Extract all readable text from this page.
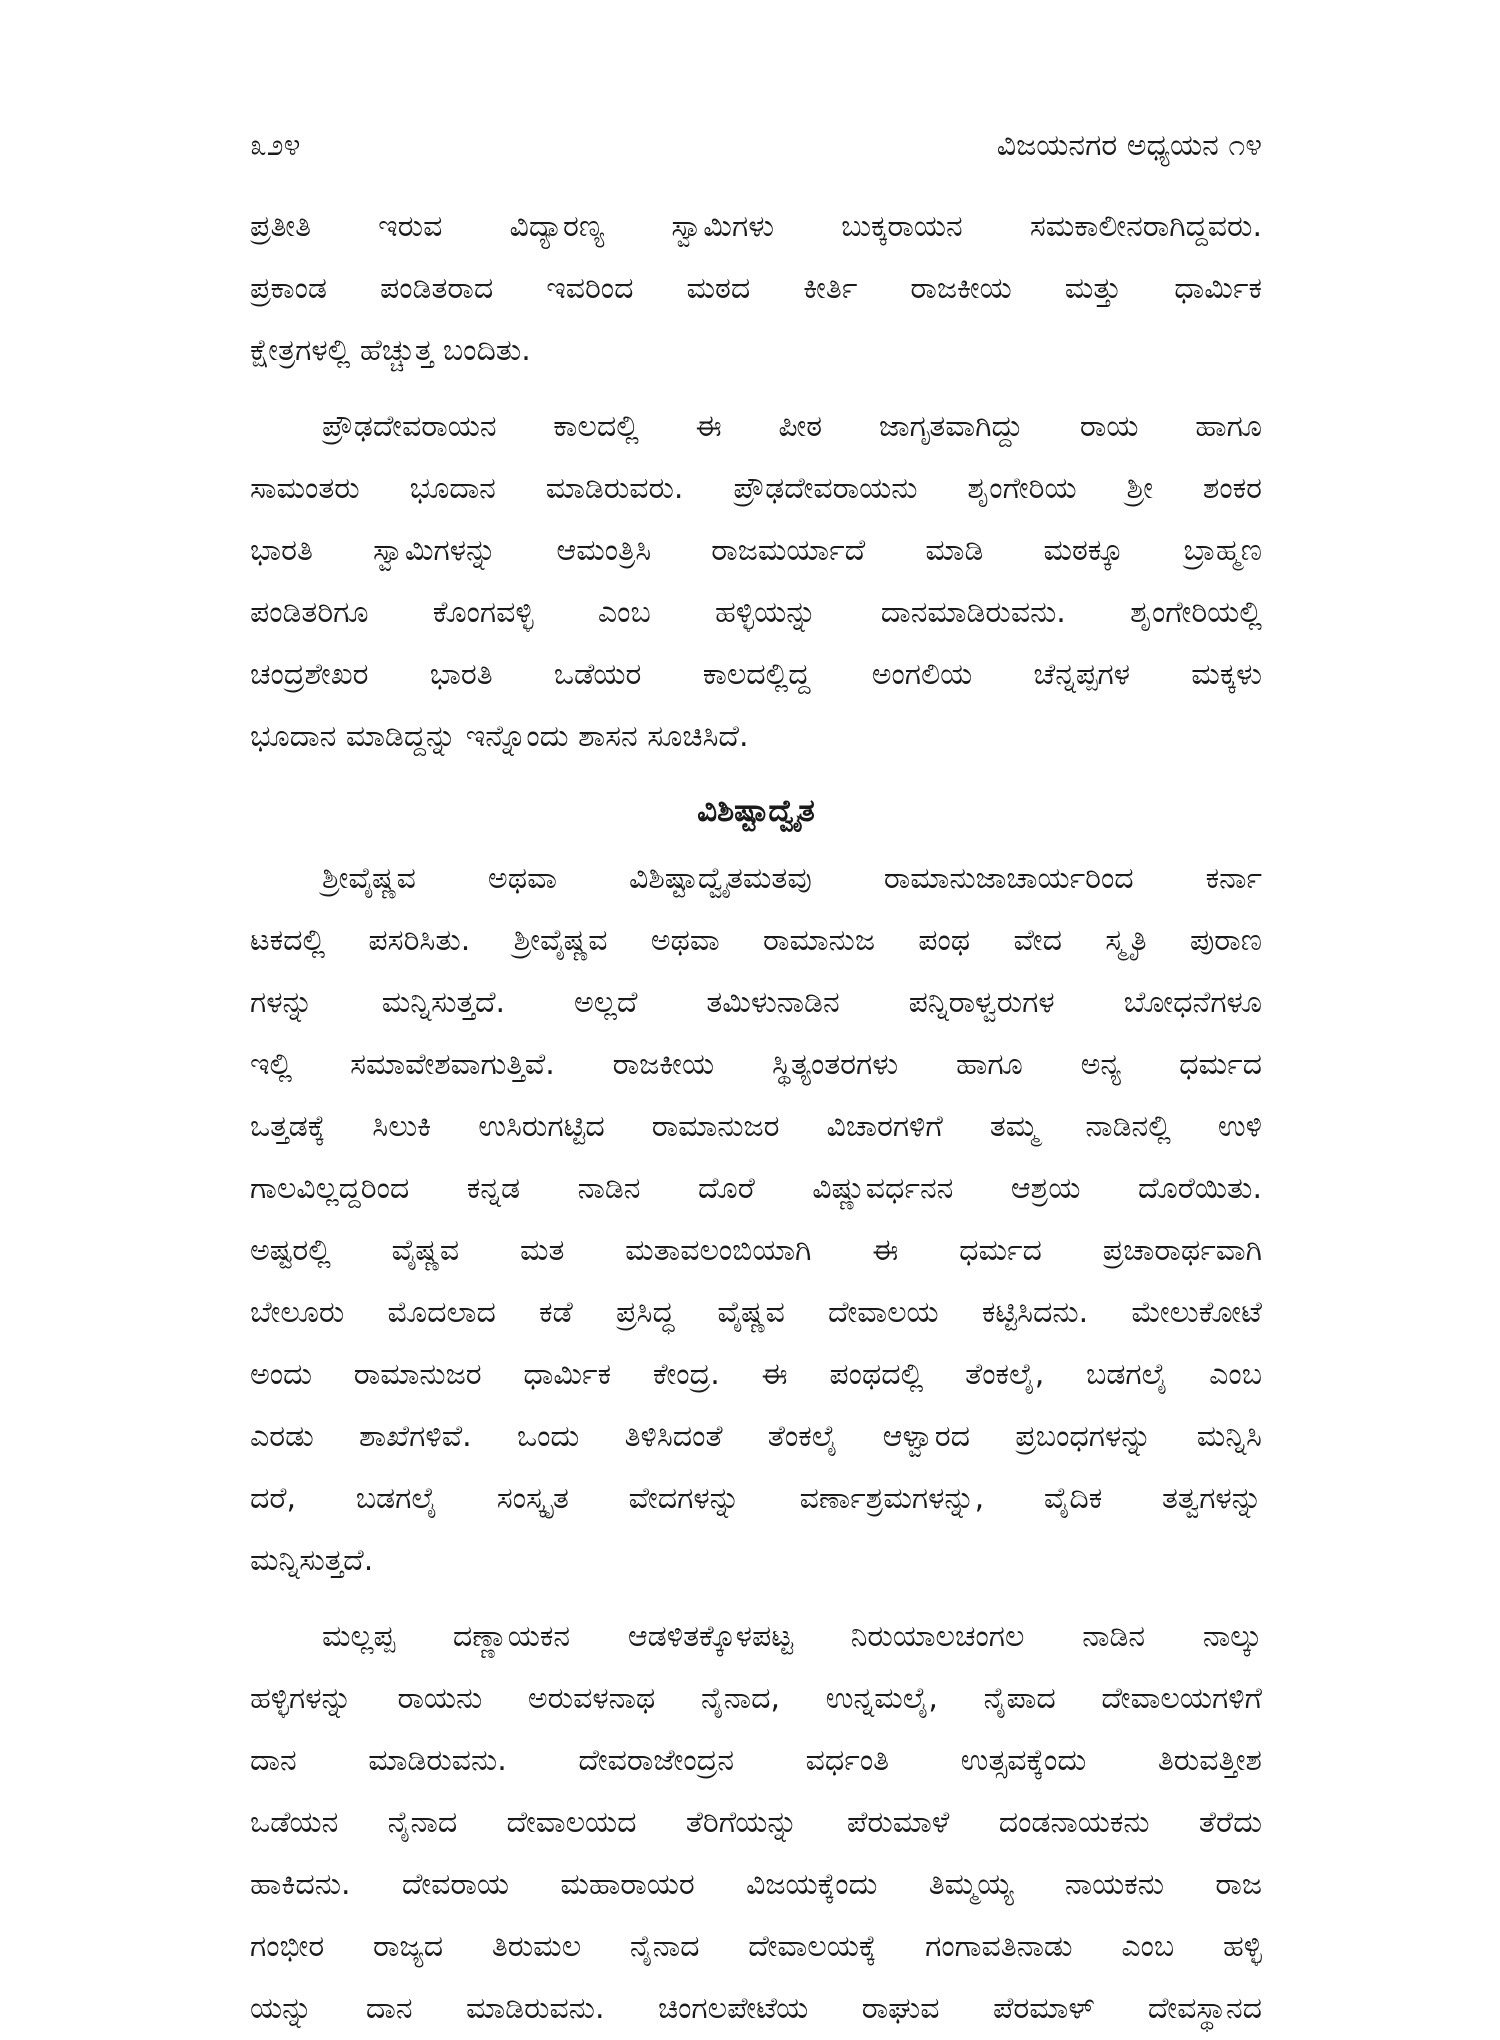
೩೨೪	ವಿಜಯನಗರ ಅಧ್ಯಯನ ೧೪
ಪ್ರತೀತಿ ಇರುವ ವಿದ್ಯಾರಣ್ಯ ಸ್ವಾಮಿಗಳು ಬುಕ್ಕರಾಯನ ಸಮಕಾಲೀನರಾಗಿದ್ದವರು.
ಪ್ರಕಾಂಡ ಪಂಡಿತರಾದ ಇವರಿಂದ ಮಠದ ಕೀರ್ತಿ ರಾಜಕೀಯ ಮತ್ತು ಧಾರ್ಮಿಕ
ಕ್ಷೇತ್ರಗಳಲ್ಲಿ ಹೆಚ್ಚುತ್ತ ಬಂದಿತು.
ಪ್ರೌಢದೇವರಾಯನ ಕಾಲದಲ್ಲಿ ಈ ಪೀಠ ಜಾಗೃತವಾಗಿದ್ದು ರಾಯ ಹಾಗೂ
ಸಾಮಂತರು ಭೂದಾನ ಮಾಡಿರುವರು. ಪ್ರೌಢದೇವರಾಯನು ಶೃಂಗೇರಿಯ ಶ್ರೀ ಶಂಕರ
ಭಾರತಿ ಸ್ವಾಮಿಗಳನ್ನು ಆಮಂತ್ರಿಸಿ ರಾಜಮರ್ಯಾದೆ ಮಾಡಿ ಮಠಕ್ಕೂ ಬ್ರಾಹ್ಮಣ
ಪಂಡಿತರಿಗೂ ಕೊಂಗವಳ್ಳಿ ಎಂಬ ಹಳ್ಳಿಯನ್ನು ದಾನಮಾಡಿರುವನು. ಶೃಂಗೇರಿಯಲ್ಲಿ
ಚಂದ್ರಶೇಖರ ಭಾರತಿ ಒಡೆಯರ ಕಾಲದಲ್ಲಿದ್ದ ಅಂಗಲಿಯ ಚೆನ್ನಪ್ಪಗಳ ಮಕ್ಕಳು
ಭೂದಾನ ಮಾಡಿದ್ದನ್ನು ಇನ್ನೊಂದು ಶಾಸನ ಸೂಚಿಸಿದೆ.
ವಿಶಿಷ್ಟಾದ್ವೈತ
ಶ್ರೀವೈಷ್ಣವ ಅಥವಾ ವಿಶಿಷ್ಟಾದ್ವೈತಮತವು ರಾಮಾನುಜಾಚಾರ್ಯರಿಂದ ಕರ್ನಾ
ಟಕದಲ್ಲಿ ಪಸರಿಸಿತು. ಶ್ರೀವೈಷ್ಣವ ಅಥವಾ ರಾಮಾನುಜ ಪಂಥ ವೇದ ಸ್ಮೃತಿ ಪುರಾಣ
ಗಳನ್ನು ಮನ್ನಿಸುತ್ತದೆ. ಅಲ್ಲದೆ ತಮಿಳುನಾಡಿನ ಪನ್ನಿರಾಳ್ವರುಗಳ ಬೋಧನೆಗಳೂ
ಇಲ್ಲಿ ಸಮಾವೇಶವಾಗುತ್ತಿವೆ. ರಾಜಕೀಯ ಸ್ಥಿತ್ಯಂತರಗಳು ಹಾಗೂ ಅನ್ಯ ಧರ್ಮದ
ಒತ್ತಡಕ್ಕೆ ಸಿಲುಕಿ ಉಸಿರುಗಟ್ಟಿದ ರಾಮಾನುಜರ ವಿಚಾರಗಳಿಗೆ ತಮ್ಮ ನಾಡಿನಲ್ಲಿ ಉಳಿ
ಗಾಲವಿಲ್ಲದ್ದರಿಂದ ಕನ್ನಡ ನಾಡಿನ ದೊರೆ ವಿಷ್ಣುವರ್ಧನನ ಆಶ್ರಯ ದೊರೆಯಿತು.
ಅಷ್ಟರಲ್ಲಿ ವೈಷ್ಣವ ಮತ ಮತಾವಲಂಬಿಯಾಗಿ ಈ ಧರ್ಮದ ಪ್ರಚಾರಾರ್ಥವಾಗಿ
ಬೇಲೂರು ಮೊದಲಾದ ಕಡೆ ಪ್ರಸಿದ್ಧ ವೈಷ್ಣವ ದೇವಾಲಯ ಕಟ್ಟಿಸಿದನು. ಮೇಲುಕೋಟೆ
ಅಂದು ರಾಮಾನುಜರ ಧಾರ್ಮಿಕ ಕೇಂದ್ರ. ಈ ಪಂಥದಲ್ಲಿ ತೆಂಕಲೈ, ಬಡಗಲೈ ಎಂಬ
ಎರಡು ಶಾಖೆಗಳಿವೆ. ಒಂದು ತಿಳಿಸಿದಂತೆ ತೆಂಕಲೈ ಆಳ್ವಾರದ ಪ್ರಬಂಧಗಳನ್ನು ಮನ್ನಿಸಿ
ದರೆ, ಬಡಗಲೈ ಸಂಸ್ಕೃತ ವೇದಗಳನ್ನು ವರ್ಣಾಶ್ರಮಗಳನ್ನು, ವೈದಿಕ ತತ್ವಗಳನ್ನು
ಮನ್ನಿಸುತ್ತದೆ.
ಮಲ್ಲಪ್ಪ ದಣ್ಣಾಯಕನ ಆಡಳಿತಕ್ಕೊಳಪಟ್ಟ ನಿರುಯಾಲಚಂಗಲ ನಾಡಿನ ನಾಲ್ಕು
ಹಳ್ಳಿಗಳನ್ನು ರಾಯನು ಅರುವಳನಾಥ ನೈನಾದ, ಉನ್ನಮಲೈ, ನೈಪಾದ ದೇವಾಲಯಗಳಿಗೆ
ದಾನ ಮಾಡಿರುವನು. ದೇವರಾಜೇಂದ್ರನ ವರ್ಧಂತಿ ಉತ್ಸವಕ್ಕೆಂದು ತಿರುವತ್ತೀಶ
ಒಡೆಯನ ನೈನಾದ ದೇವಾಲಯದ ತೆರಿಗೆಯನ್ನು ಪೆರುಮಾಳೆ ದಂಡನಾಯಕನು ತೆರೆದು
ಹಾಕಿದನು. ದೇವರಾಯ ಮಹಾರಾಯರ ವಿಜಯಕ್ಕೆಂದು ತಿಮ್ಮಯ್ಯ ನಾಯಕನು ರಾಜ
ಗಂಭೀರ ರಾಜ್ಯದ ತಿರುಮಲ ನೈನಾದ ದೇವಾಲಯಕ್ಕೆ ಗಂಗಾವತಿನಾಡು ಎಂಬ ಹಳ್ಳಿ
ಯನ್ನು ದಾನ ಮಾಡಿರುವನು. ಚಿಂಗಲಪೇಟೆಯ ರಾಘುವ ಪೆರಮಾಳ್ ದೇವಸ್ಥಾನದ
